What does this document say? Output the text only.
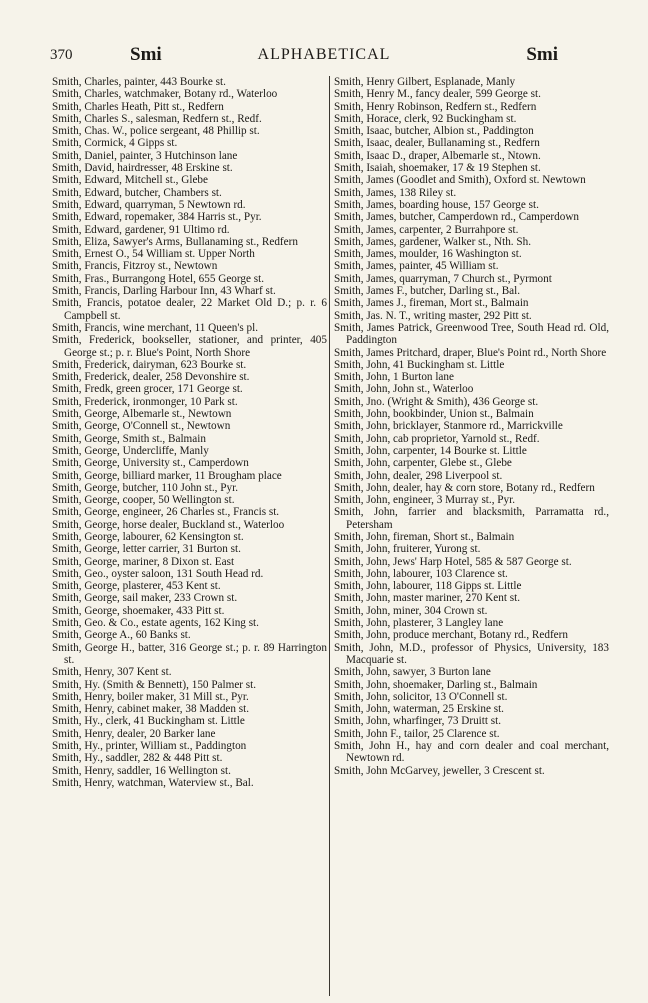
370	Smi	ALPHABETICAL	Smi

Smith, Charles, painter, 443 Bourke st.

Smith, Charles, watchmaker, Botany rd., Waterloo

Smith, Charles Heath, Pitt st., Redfern

Smith, Charles S., salesman, Redfern st., Redf.

Smith, Chas. W., police sergeant, 48 Phillip st.

Smith, Cormick, 4 Gipps st.

Smith, Daniel, painter, 3 Hutchinson lane

Smith, David, hairdresser, 48 Erskine st.

Smith, Edward, Mitchell st., Glebe

Smith, Edward, butcher, Chambers st.

Smith, Edward, quarryman, 5 Newtown rd.

Smith, Edward, ropemaker, 384 Harris st., Pyr.

Smith, Edward, gardener, 91 Ultimo rd.

Smith, Eliza, Sawyer's Arms, Bullanaming st., Redfern

Smith, Ernest O., 54 William st. Upper North

Smith, Francis, Fitzroy st., Newtown

Smith, Fras., Burrangong Hotel, 655 George st.

Smith, Francis, Darling Harbour Inn, 43 Wharf st.

Smith, Francis, potatoe dealer, 22 Market Old D.; p. r. 6 Campbell st.

Smith, Francis, wine merchant, 11 Queen's pl.

Smith, Frederick, bookseller, stationer, and printer, 405 George st.; p. r. Blue's Point, North Shore

Smith, Frederick, dairyman, 623 Bourke st.

Smith, Frederick, dealer, 258 Devonshire st.

Smith, Fredk, green grocer, 171 George st.

Smith, Frederick, ironmonger, 10 Park st.

Smith, George, Albemarle st., Newtown

Smith, George, O'Connell st., Newtown

Smith, George, Smith st., Balmain

Smith, George, Undercliffe, Manly

Smith, George, University st., Camperdown

Smith, George, billiard marker, 11 Brougham place

Smith, George, butcher, 110 John st., Pyr.

Smith, George, cooper, 50 Wellington st.

Smith, George, engineer, 26 Charles st., Francis st.

Smith, George, horse dealer, Buckland st., Waterloo

Smith, George, labourer, 62 Kensington st.

Smith, George, letter carrier, 31 Burton st.

Smith, George, mariner, 8 Dixon st. East

Smith, Geo., oyster saloon, 131 South Head rd.

Smith, George, plasterer, 453 Kent st.

Smith, George, sail maker, 233 Crown st.

Smith, George, shoemaker, 433 Pitt st.

Smith, Geo. & Co., estate agents, 162 King st.

Smith, George A., 60 Banks st.

Smith, George H., batter, 316 George st.; p. r. 89 Harrington st.

Smith, Henry, 307 Kent st.

Smith, Hy. (Smith & Bennett), 150 Palmer st.

Smith, Henry, boiler maker, 31 Mill st., Pyr.

Smith, Henry, cabinet maker, 38 Madden st.

Smith, Hy., clerk, 41 Buckingham st. Little

Smith, Henry, dealer, 20 Barker lane

Smith, Hy., printer, William st., Paddington

Smith, Hy., saddler, 282 & 448 Pitt st.

Smith, Henry, saddler, 16 Wellington st.

Smith, Henry, watchman, Waterview st., Bal.

Smith, Henry Gilbert, Esplanade, Manly

Smith, Henry M., fancy dealer, 599 George st.

Smith, Henry Robinson, Redfern st., Redfern

Smith, Horace, clerk, 92 Buckingham st.

Smith, Isaac, butcher, Albion st., Paddington

Smith, Isaac, dealer, Bullanaming st., Redfern

Smith, Isaac D., draper, Albemarle st., Ntown.

Smith, Isaiah, shoemaker, 17 & 19 Stephen st.

Smith, James (Goodlet and Smith), Oxford st. Newtown

Smith, James, 138 Riley st.

Smith, James, boarding house, 157 George st.

Smith, James, butcher, Camperdown rd., Camperdown

Smith, James, carpenter, 2 Burrahpore st.

Smith, James, gardener, Walker st., Nth. Sh.

Smith, James, moulder, 16 Washington st.

Smith, James, painter, 45 William st.

Smith, James, quarryman, 7 Church st., Pyrmont

Smith, James F., butcher, Darling st., Bal.

Smith, James J., fireman, Mort st., Balmain

Smith, Jas. N. T., writing master, 292 Pitt st.

Smith, James Patrick, Greenwood Tree, South Head rd. Old, Paddington

Smith, James Pritchard, draper, Blue's Point rd., North Shore

Smith, John, 41 Buckingham st. Little

Smith, John, 1 Burton lane

Smith, John, John st., Waterloo

Smith, Jno. (Wright & Smith), 436 George st.

Smith, John, bookbinder, Union st., Balmain

Smith, John, bricklayer, Stanmore rd., Marrickville

Smith, John, cab proprietor, Yarnold st., Redf.

Smith, John, carpenter, 14 Bourke st. Little

Smith, John, carpenter, Glebe st., Glebe

Smith, John, dealer, 298 Liverpool st.

Smith, John, dealer, hay & corn store, Botany rd., Redfern

Smith, John, engineer, 3 Murray st., Pyr.

Smith, John, farrier and blacksmith, Parramatta rd., Petersham

Smith, John, fireman, Short st., Balmain

Smith, John, fruiterer, Yurong st.

Smith, John, Jews' Harp Hotel, 585 & 587 George st.

Smith, John, labourer, 103 Clarence st.

Smith, John, labourer, 118 Gipps st. Little

Smith, John, master mariner, 270 Kent st.

Smith, John, miner, 304 Crown st.

Smith, John, plasterer, 3 Langley lane

Smith, John, produce merchant, Botany rd., Redfern

Smith, John, M.D., professor of Physics, University, 183 Macquarie st.

Smith, John, sawyer, 3 Burton lane

Smith, John, shoemaker, Darling st., Balmain

Smith, John, solicitor, 13 O'Connell st.

Smith, John, waterman, 25 Erskine st.

Smith, John, wharfinger, 73 Druitt st.

Smith, John F., tailor, 25 Clarence st.

Smith, John H., hay and corn dealer and coal merchant, Newtown rd.

Smith, John McGarvey, jeweller, 3 Crescent st.
